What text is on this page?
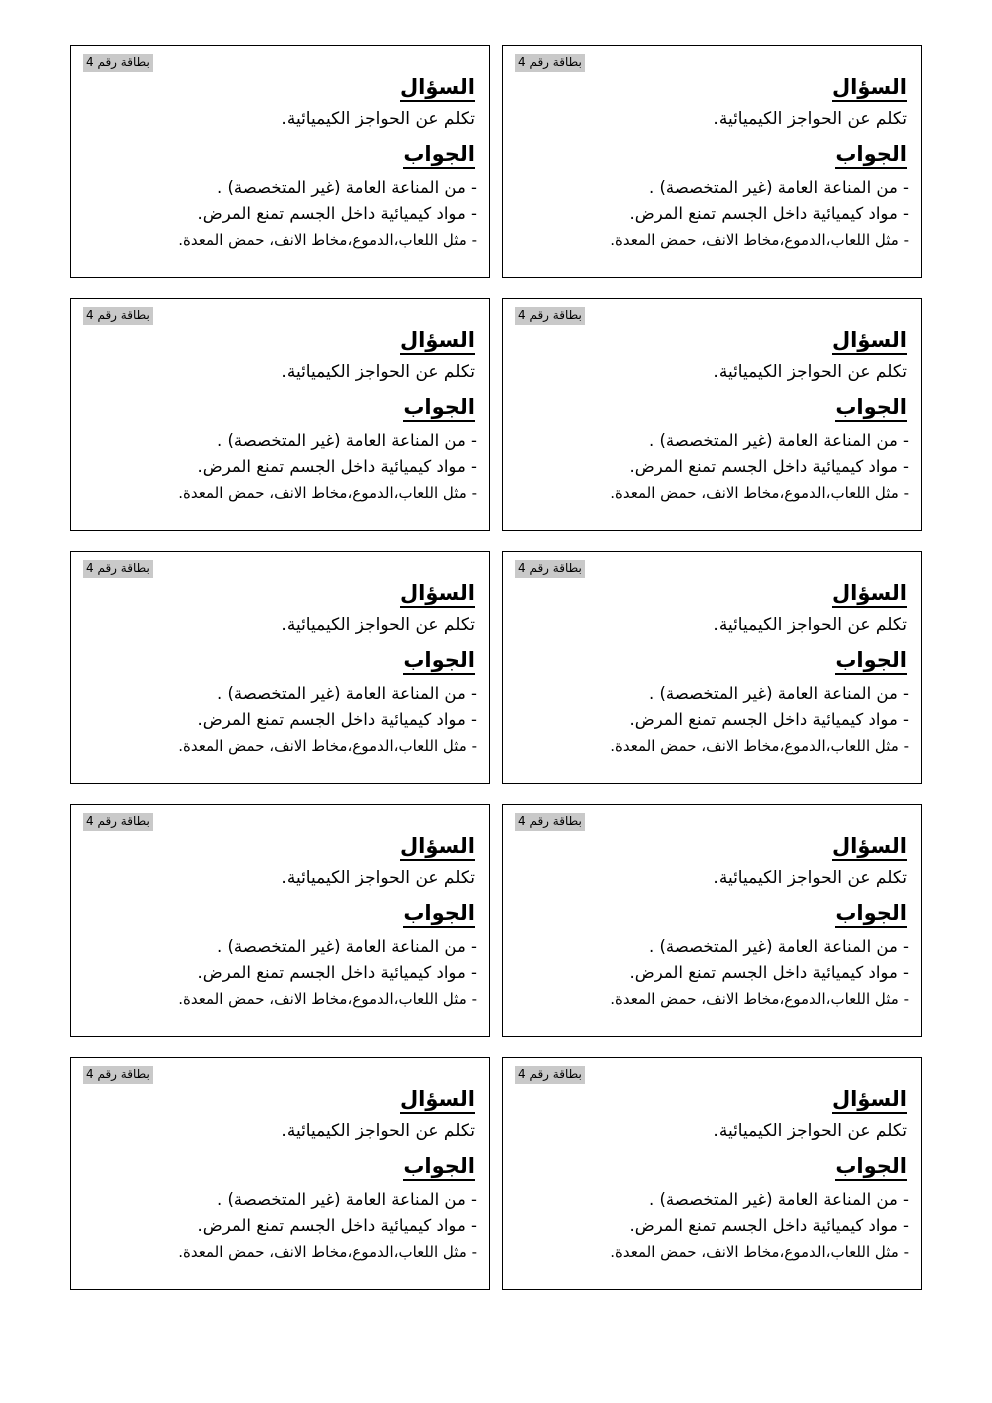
بطاقة رقم 4
السؤال
تكلم عن الحواجز الكيميائية.
الجواب
- من المناعة العامة (غير المتخصصة) .
- مواد كيميائية داخل الجسم تمنع المرض.
- مثل اللعاب،الدموع،مخاط الانف، حمض المعدة.
بطاقة رقم 4
السؤال
تكلم عن الحواجز الكيميائية.
الجواب
- من المناعة العامة (غير المتخصصة) .
- مواد كيميائية داخل الجسم تمنع المرض.
- مثل اللعاب،الدموع،مخاط الانف، حمض المعدة.
بطاقة رقم 4
السؤال
تكلم عن الحواجز الكيميائية.
الجواب
- من المناعة العامة (غير المتخصصة) .
- مواد كيميائية داخل الجسم تمنع المرض.
- مثل اللعاب،الدموع،مخاط الانف، حمض المعدة.
بطاقة رقم 4
السؤال
تكلم عن الحواجز الكيميائية.
الجواب
- من المناعة العامة (غير المتخصصة) .
- مواد كيميائية داخل الجسم تمنع المرض.
- مثل اللعاب،الدموع،مخاط الانف، حمض المعدة.
بطاقة رقم 4
السؤال
تكلم عن الحواجز الكيميائية.
الجواب
- من المناعة العامة (غير المتخصصة) .
- مواد كيميائية داخل الجسم تمنع المرض.
- مثل اللعاب،الدموع،مخاط الانف، حمض المعدة.
بطاقة رقم 4
السؤال
تكلم عن الحواجز الكيميائية.
الجواب
- من المناعة العامة (غير المتخصصة) .
- مواد كيميائية داخل الجسم تمنع المرض.
- مثل اللعاب،الدموع،مخاط الانف، حمض المعدة.
بطاقة رقم 4
السؤال
تكلم عن الحواجز الكيميائية.
الجواب
- من المناعة العامة (غير المتخصصة) .
- مواد كيميائية داخل الجسم تمنع المرض.
- مثل اللعاب،الدموع،مخاط الانف، حمض المعدة.
بطاقة رقم 4
السؤال
تكلم عن الحواجز الكيميائية.
الجواب
- من المناعة العامة (غير المتخصصة) .
- مواد كيميائية داخل الجسم تمنع المرض.
- مثل اللعاب،الدموع،مخاط الانف، حمض المعدة.
بطاقة رقم 4
السؤال
تكلم عن الحواجز الكيميائية.
الجواب
- من المناعة العامة (غير المتخصصة) .
- مواد كيميائية داخل الجسم تمنع المرض.
- مثل اللعاب،الدموع،مخاط الانف، حمض المعدة.
بطاقة رقم 4
السؤال
تكلم عن الحواجز الكيميائية.
الجواب
- من المناعة العامة (غير المتخصصة) .
- مواد كيميائية داخل الجسم تمنع المرض.
- مثل اللعاب،الدموع،مخاط الانف، حمض المعدة.
